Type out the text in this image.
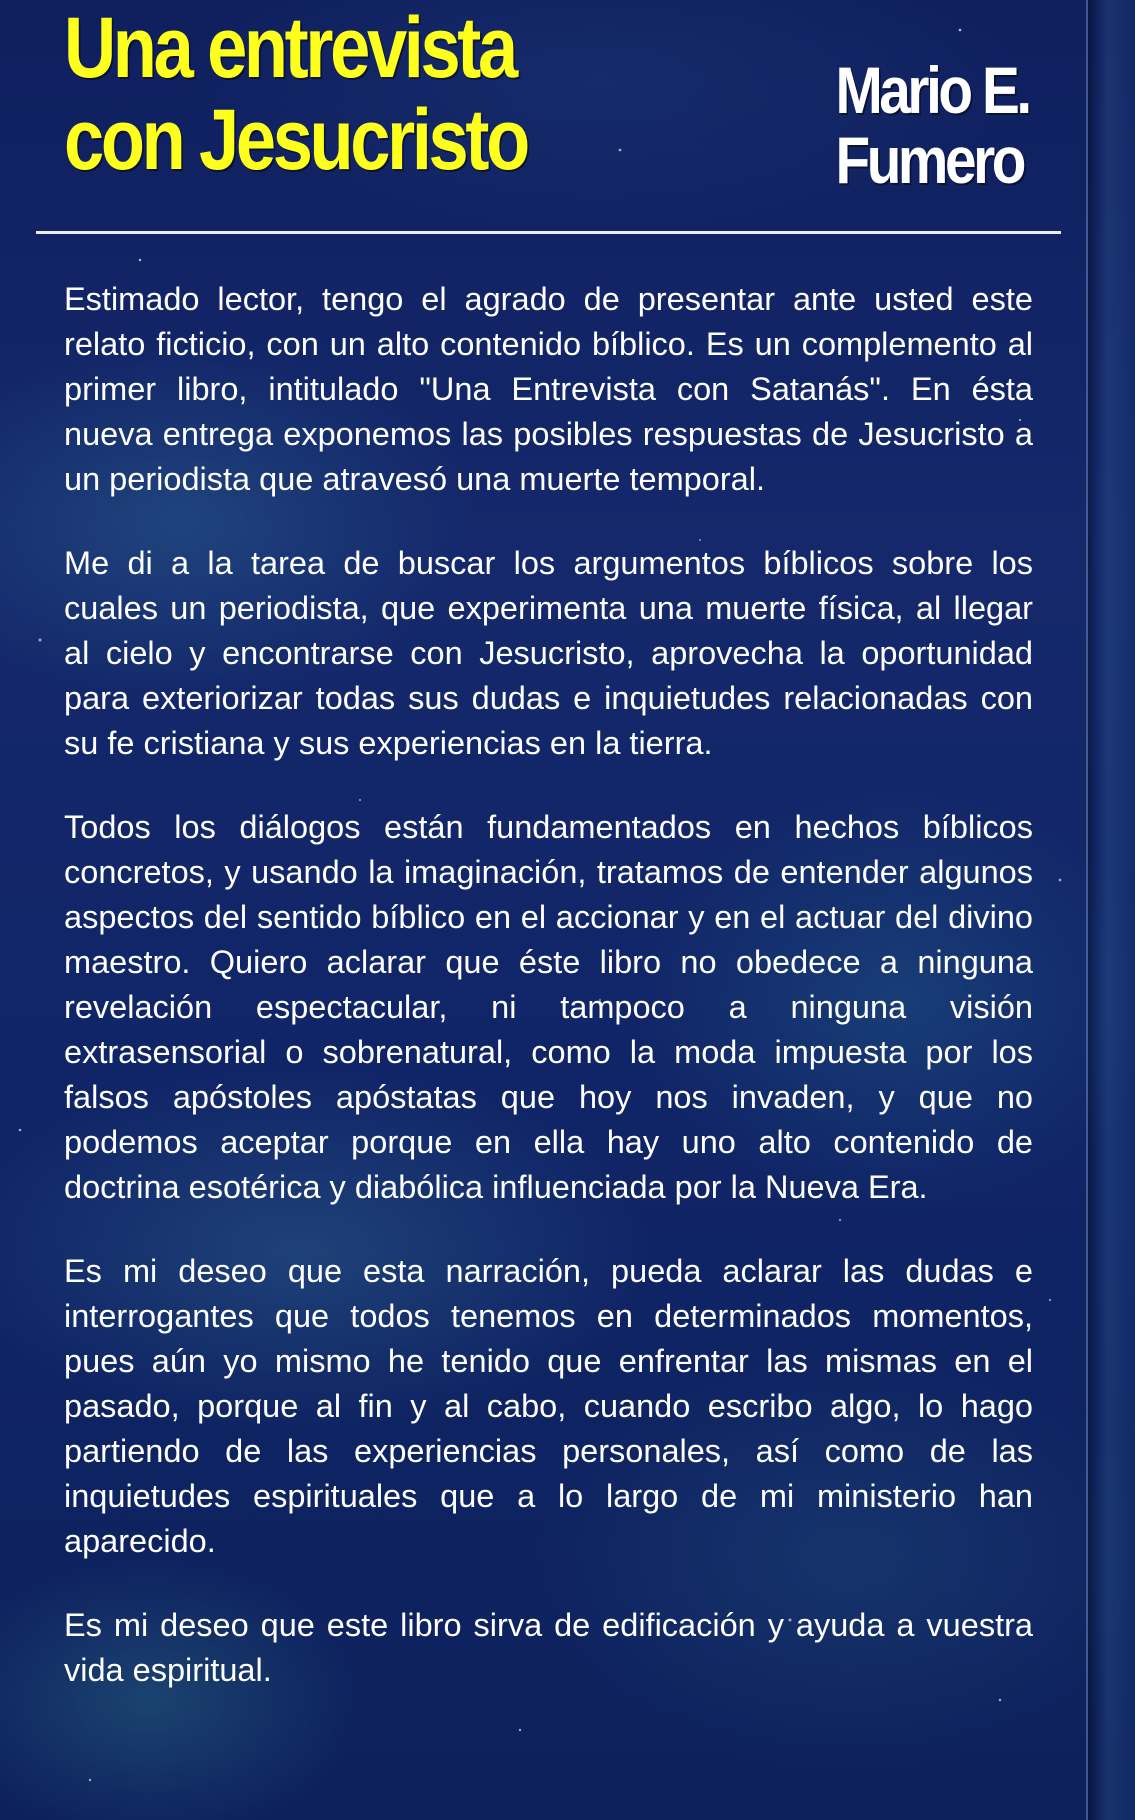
Una entrevista
con Jesucristo
Mario E.
Fumero

Estimado lector, tengo el agrado de presentar ante usted este relato ficticio, con un alto contenido bíblico. Es un complemento al primer libro, intitulado "Una Entrevista con Satanás". En ésta nueva entrega exponemos las posibles respuestas de Jesucristo a un periodista que atravesó una muerte temporal.

Me di a la tarea de buscar los argumentos bíblicos sobre los cuales un periodista, que experimenta una muerte física, al llegar al cielo y encontrarse con Jesucristo, aprovecha la oportunidad para exteriorizar todas sus dudas e inquietudes relacionadas con su fe cristiana y sus experiencias en la tierra.

Todos los diálogos están fundamentados en hechos bíblicos concretos, y usando la imaginación, tratamos de entender algunos aspectos del sentido bíblico en el accionar y en el actuar del divino maestro. Quiero aclarar que éste libro no obedece a ninguna revelación espectacular, ni tampoco a ninguna visión extrasensorial o sobrenatural, como la moda impuesta por los falsos apóstoles apóstatas que hoy nos invaden, y que no podemos aceptar porque en ella hay uno alto contenido de doctrina esotérica y diabólica influenciada por la Nueva Era.

Es mi deseo que esta narración, pueda aclarar las dudas e interrogantes que todos tenemos en determinados momentos, pues aún yo mismo he tenido que enfrentar las mismas en el pasado, porque al fin y al cabo, cuando escribo algo, lo hago partiendo de las experiencias personales, así como de las inquietudes espirituales que a lo largo de mi ministerio han aparecido.

Es mi deseo que este libro sirva de edificación y ayuda a vuestra vida espiritual.
